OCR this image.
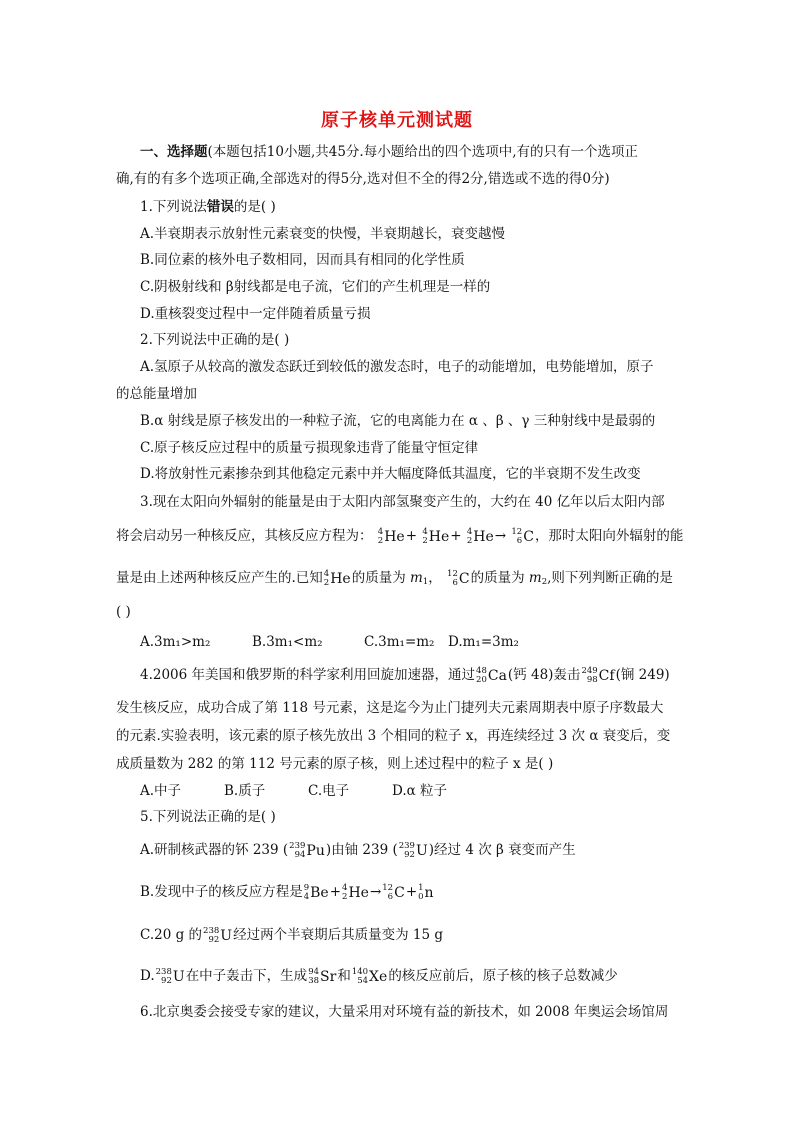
原子核单元测试题
一、选择题(本题包括10小题,共45分.每小题给出的四个选项中,有的只有一个选项正
确,有的有多个选项正确,全部选对的得5分,选对但不全的得2分,错选或不选的得0分)
1.下列说法错误的是( )
A.半衰期表示放射性元素衰变的快慢，半衰期越长，衰变越慢
B.同位素的核外电子数相同，因而具有相同的化学性质
C.阴极射线和 β射线都是电子流，它们的产生机理是一样的
D.重核裂变过程中一定伴随着质量亏损
2.下列说法中正确的是( )
A.氢原子从较高的激发态跃迁到较低的激发态时，电子的动能增加，电势能增加，原子
的总能量增加
B.α 射线是原子核发出的一种粒子流，它的电离能力在 α 、β 、γ 三种射线中是最弱的
C.原子核反应过程中的质量亏损现象违背了能量守恒定律
D.将放射性元素掺杂到其他稳定元素中并大幅度降低其温度，它的半衰期不发生改变
3.现在太阳向外辐射的能量是由于太阳内部氢聚变产生的，大约在 40 亿年以后太阳内部
将会启动另一种核反应，其核反应方程为： 4
2 He + 4
2 He + 4
2 He → 12
6 C ，那时太阳向外辐射的能
量是由上述两种核反应产生的.已知 4
2 He 的质量为 $m_1$， 12
6 C 的质量为 $m_2$,则下列判断正确的是
( )
A.3m₁>m₂	B.3m₁<m₂	C.3m₁=m₂ D.m₁=3m₂
4.2006 年美国和俄罗斯的科学家利用回旋加速器，通过 48
20 Ca (钙 48)轰击 249
98 Cf (锎 249)
发生核反应，成功合成了第 118 号元素，这是迄今为止门捷列夫元素周期表中原子序数最大
的元素.实验表明，该元素的原子核先放出 3 个相同的粒子 x，再连续经过 3 次 α 衰变后，变
成质量数为 282 的第 112 号元素的原子核，则上述过程中的粒子 x 是( )
A.中子	B.质子	C.电子	D.α 粒子
5.下列说法正确的是( )
A.研制核武器的钚 239 ( 239
94 Pu )由铀 239 ( 239
92 U )经过 4 次 β 衰变而产生
B.发现中子的核反应方程是 9
4 Be + 4
2 He → 12
6 C + 1
0 n
C.20 g 的 238
92 U 经过两个半衰期后其质量变为 15 g
D. 238
92 U 在中子轰击下，生成 94
38 Sr 和 140
54 Xe 的核反应前后，原子核的核子总数减少
6.北京奥委会接受专家的建议，大量采用对环境有益的新技术，如 2008 年奥运会场馆周
